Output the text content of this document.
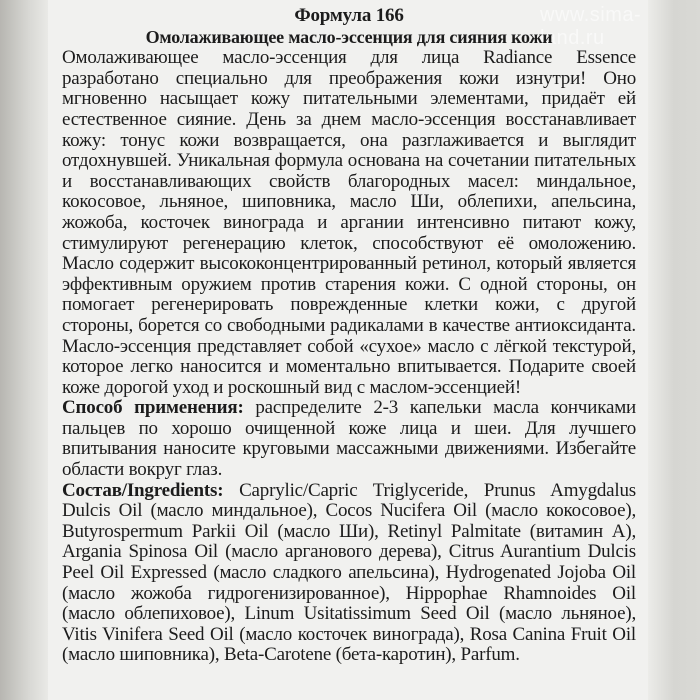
www.sima-land.ru
Формула 166
Омолаживающее масло-эссенция для сияния кожи

Омолаживающее масло-эссенция для лица Radiance Essence разработано специально для преображения кожи изнутри! Оно мгновенно насыщает кожу питательными элементами, придаёт ей естественное сияние. День за днем масло-эссенция восстанавливает кожу: тонус кожи возвращается, она разглаживается и выглядит отдохнувшей. Уникальная формула основана на сочетании питательных и восстанавливающих свойств благородных масел: миндальное, кокосовое, льняное, шиповника, масло Ши, облепихи, апельсина, жожоба, косточек винограда и аргании интенсивно питают кожу, стимулируют регенерацию клеток, способствуют её омоложению. Масло содержит высококонцентрированный ретинол, который является эффективным оружием против старения кожи. С одной стороны, он помогает регенерировать поврежденные клетки кожи, с другой стороны, борется со свободными радикалами в качестве антиоксиданта. Масло-эссенция представляет собой «сухое» масло с лёгкой текстурой, которое легко наносится и моментально впитывается. Подарите своей коже дорогой уход и роскошный вид с маслом-эссенцией!

Способ применения: распределите 2-3 капельки масла кончиками пальцев по хорошо очищенной коже лица и шеи. Для лучшего впитывания наносите круговыми массажными движениями. Избегайте области вокруг глаз.

Состав/Ingredients: Caprylic/Capric Triglyceride, Prunus Amygdalus Dulcis Oil (масло миндальное), Cocos Nucifera Oil (масло кокосовое), Butyrospermum Parkii Oil (масло Ши), Retinyl Palmitate (витамин А), Argania Spinosa Oil (масло арганового дерева), Citrus Aurantium Dulcis Peel Oil Expressed (масло сладкого апельсина), Hydrogenated Jojoba Oil (масло жожоба гидрогенизированное), Hippophae Rhamnoides Oil (масло облепиховое), Linum Usitatissimum Seed Oil (масло льняное), Vitis Vinifera Seed Oil (масло косточек винограда), Rosa Canina Fruit Oil (масло шиповника), Beta-Carotene (бета-каротин), Parfum.
